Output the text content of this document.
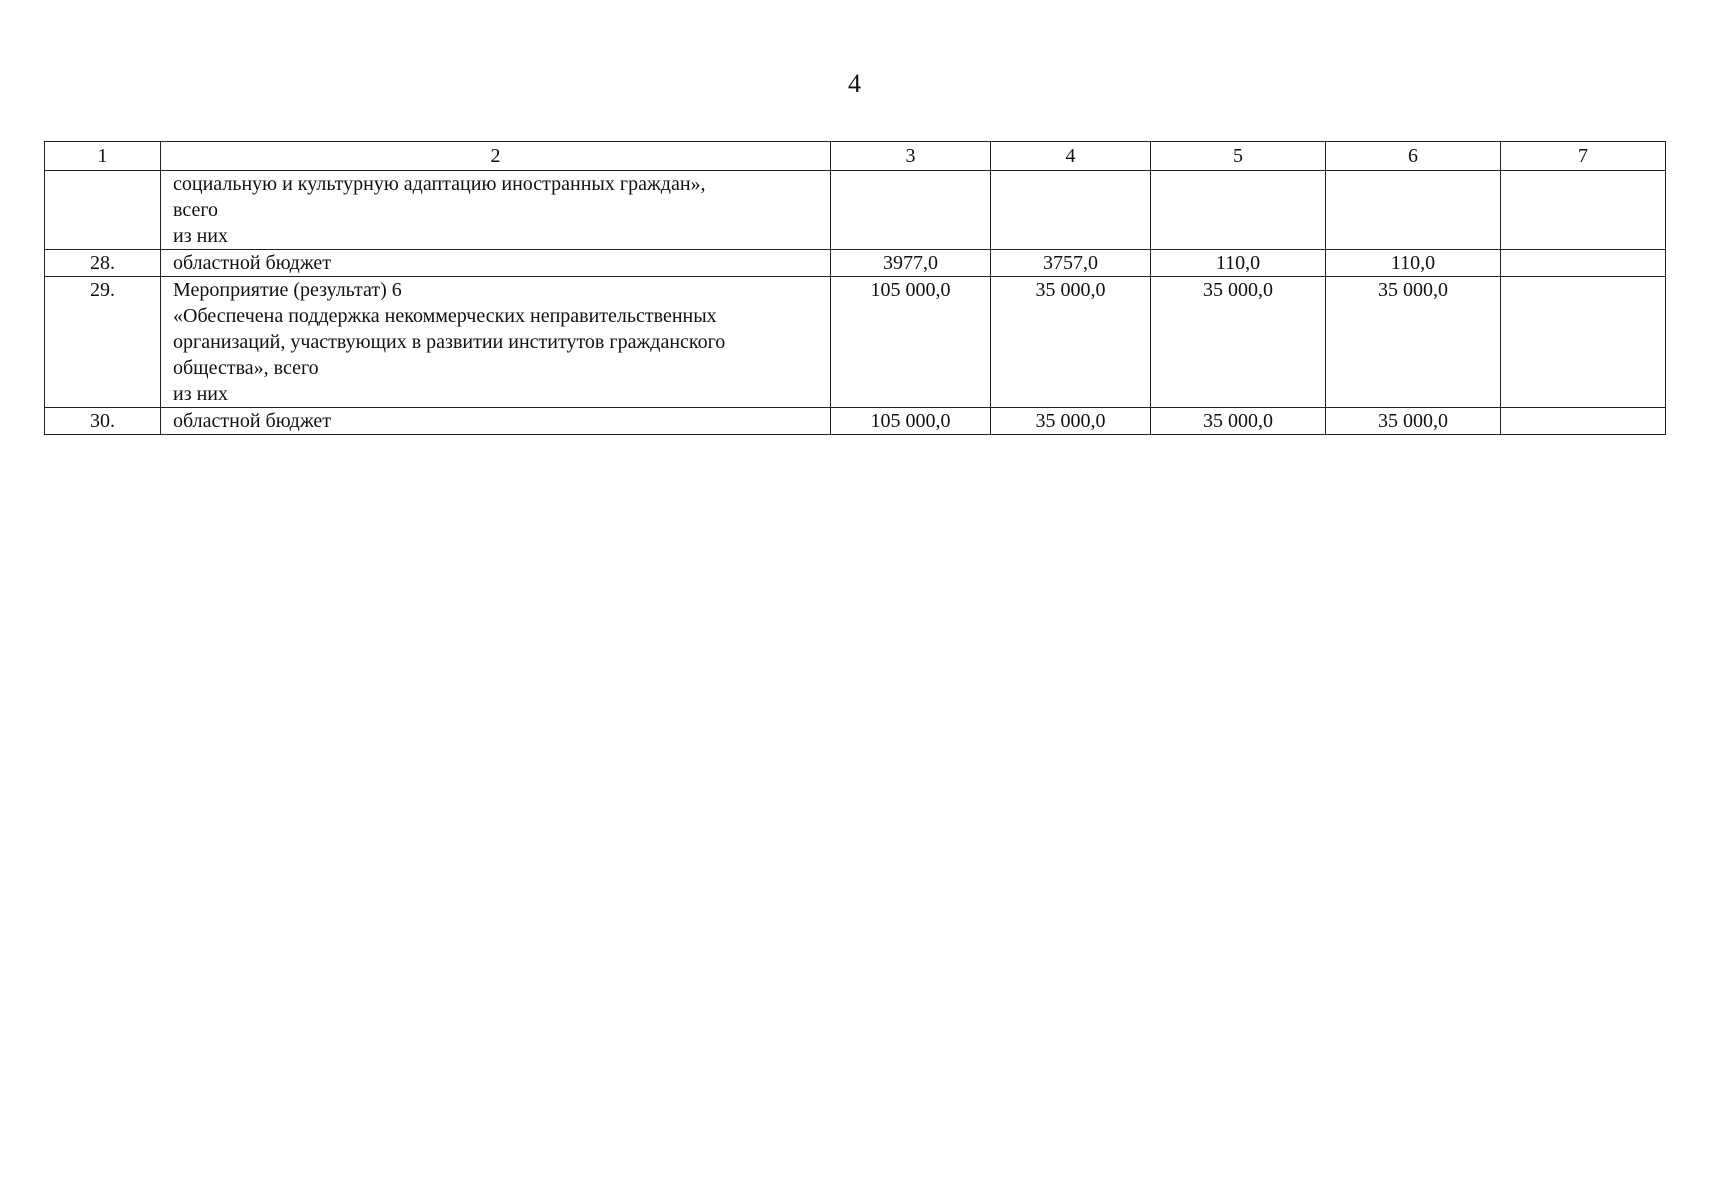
4
1	2	3	4	5	6	7

	социальную и культурную адаптацию иностранных граждан»,
всего
из них					

28.	областной бюджет	3977,0	3757,0	110,0	110,0	
29.	Мероприятие (результат) 6
«Обеспечена поддержка некоммерческих неправительственных
организаций, участвующих в развитии институтов гражданского
общества», всего
из них	105 000,0	35 000,0	35 000,0	35 000,0	
30.	областной бюджет	105 000,0	35 000,0	35 000,0	35 000,0	
